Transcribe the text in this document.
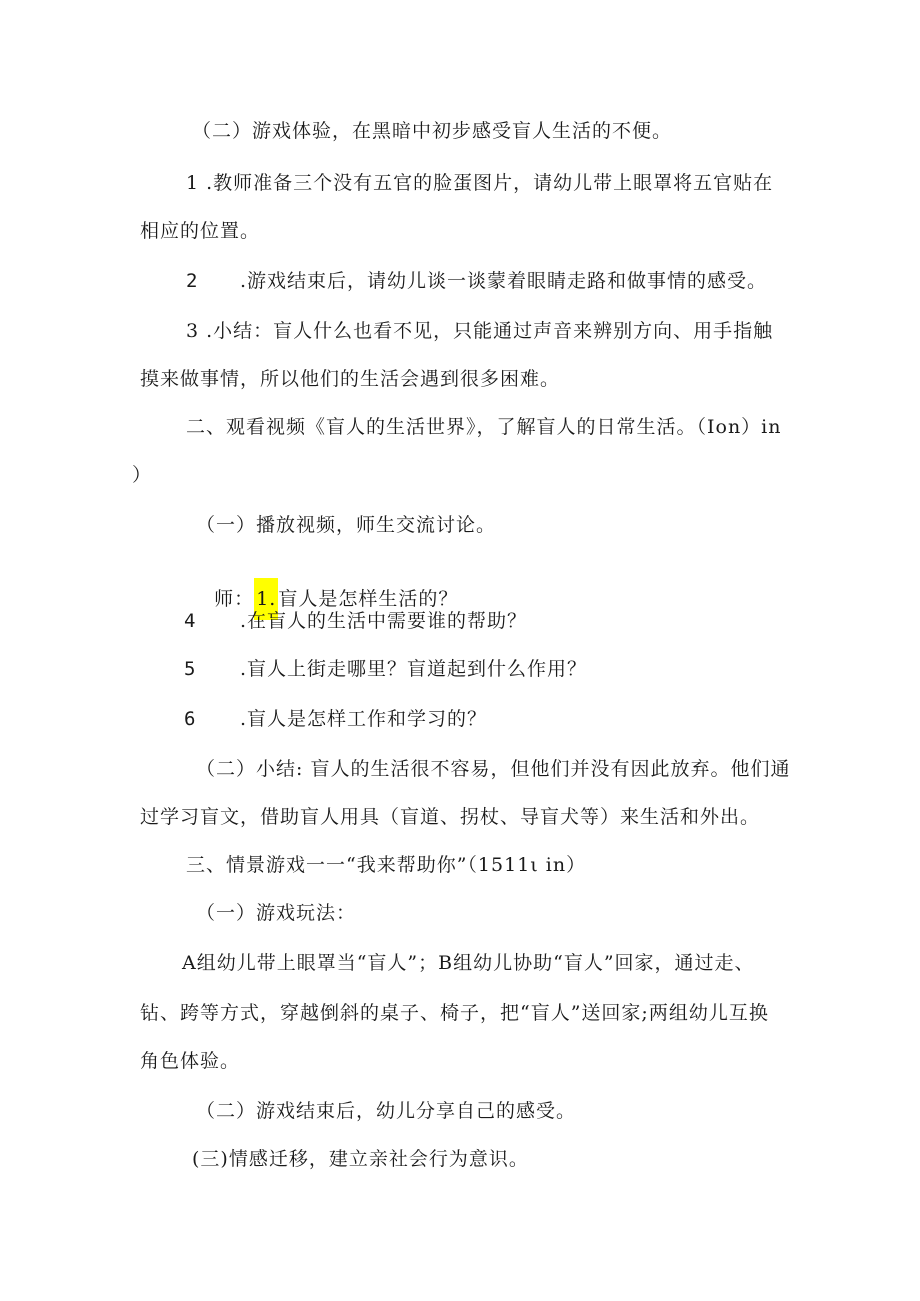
（二）游戏体验，在黑暗中初步感受盲人生活的不便。
1 .教师准备三个没有五官的脸蛋图片，请幼儿带上眼罩将五官贴在
相应的位置。
2 .游戏结束后，请幼儿谈一谈蒙着眼睛走路和做事情的感受。
3 .小结：盲人什么也看不见，只能通过声音来辨别方向、用手指触
摸来做事情，所以他们的生活会遇到很多困难。
二、观看视频《盲人的生活世界》，了解盲人的日常生活。（Ion）in
）
（一）播放视频，师生交流讨论。

师： 1. 盲人是怎样生活的？

4 .在盲人的生活中需要谁的帮助？
5 .盲人上街走哪里？盲道起到什么作用？
6 .盲人是怎样工作和学习的？
（二）小结: 盲人的生活很不容易，但他们并没有因此放弃。他们通
过学习盲文，借助盲人用具（盲道、拐杖、导盲犬等）来生活和外出。
三、情景游戏一一“我来帮助你”（1511ι in）
（一）游戏玩法：
A组幼儿带上眼罩当“盲人”；B组幼儿协助“盲人”回家，通过走、
钻、跨等方式，穿越倒斜的桌子、椅子，把“盲人”送回家;两组幼儿互换
角色体验。
（二）游戏结束后，幼儿分享自己的感受。
(三)情感迁移，建立亲社会行为意识。
